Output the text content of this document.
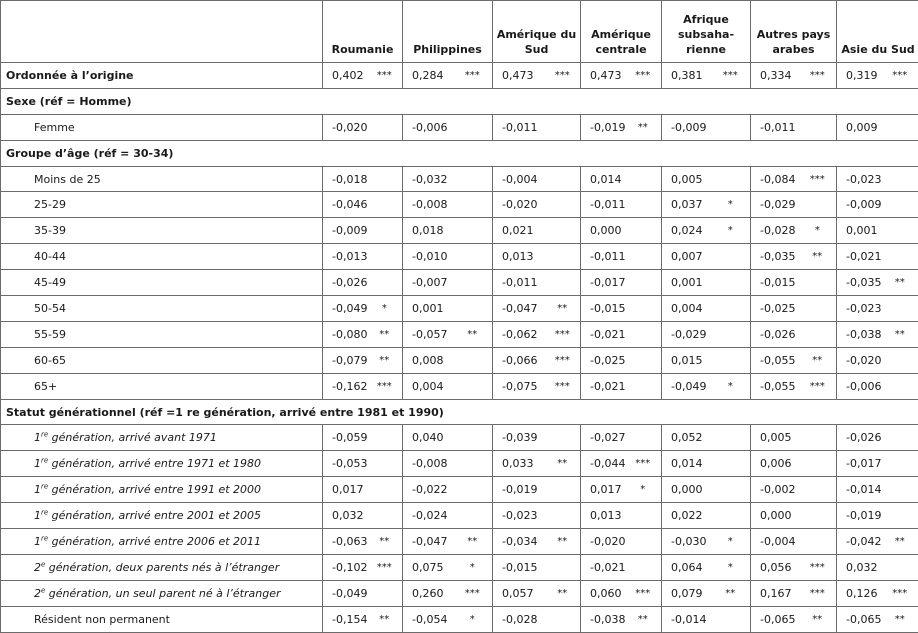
	Roumanie		Philippines		Amérique du Sud		Amérique centrale		Afrique subsaha-rienne		Autres pays arabes		Asie du Sud	
Ordonnée à l’origine	0,402	***	0,284	***	0,473	***	0,473	***	0,381	***	0,334	***	0,319	***
Sexe (réf = Homme)														
Femme	-0,020		-0,006		-0,011		-0,019	**	-0,009		-0,011		0,009	
Groupe d’âge (réf = 30-34)														
Moins de 25	-0,018		-0,032		-0,004		0,014		0,005		-0,084	***	-0,023	
25-29	-0,046		-0,008		-0,020		-0,011		0,037	*	-0,029		-0,009	
35-39	-0,009		0,018		0,021		0,000		0,024	*	-0,028	*	0,001	
40-44	-0,013		-0,010		0,013		-0,011		0,007		-0,035	**	-0,021	
45-49	-0,026		-0,007		-0,011		-0,017		0,001		-0,015		-0,035	**
50-54	-0,049	*	0,001		-0,047	**	-0,015		0,004		-0,025		-0,023	
55-59	-0,080	**	-0,057	**	-0,062	***	-0,021		-0,029		-0,026		-0,038	**
60-65	-0,079	**	0,008		-0,066	***	-0,025		0,015		-0,055	**	-0,020	
65+	-0,162	***	0,004		-0,075	***	-0,021		-0,049	*	-0,055	***	-0,006	
Statut générationnel (réf =1 re génération, arrivé entre 1981 et 1990)														
1re génération, arrivé avant 1971	-0,059		0,040		-0,039		-0,027		0,052		0,005		-0,026	
1re génération, arrivé entre 1971 et 1980	-0,053		-0,008		0,033	**	-0,044	***	0,014		0,006		-0,017	
1re génération, arrivé entre 1991 et 2000	0,017		-0,022		-0,019		0,017	*	0,000		-0,002		-0,014	
1re génération, arrivé entre 2001 et 2005	0,032		-0,024		-0,023		0,013		0,022		0,000		-0,019	
1re génération, arrivé entre 2006 et 2011	-0,063	**	-0,047	**	-0,034	**	-0,020		-0,030	*	-0,004		-0,042	**
2e génération, deux parents nés à l’étranger	-0,102	***	0,075	*	-0,015		-0,021		0,064	*	0,056	***	0,032	
2e génération, un seul parent né à l’étranger	-0,049		0,260	***	0,057	**	0,060	***	0,079	**	0,167	***	0,126	***
Résident non permanent	-0,154	**	-0,054	*	-0,028		-0,038	**	-0,014		-0,065	**	-0,065	**
